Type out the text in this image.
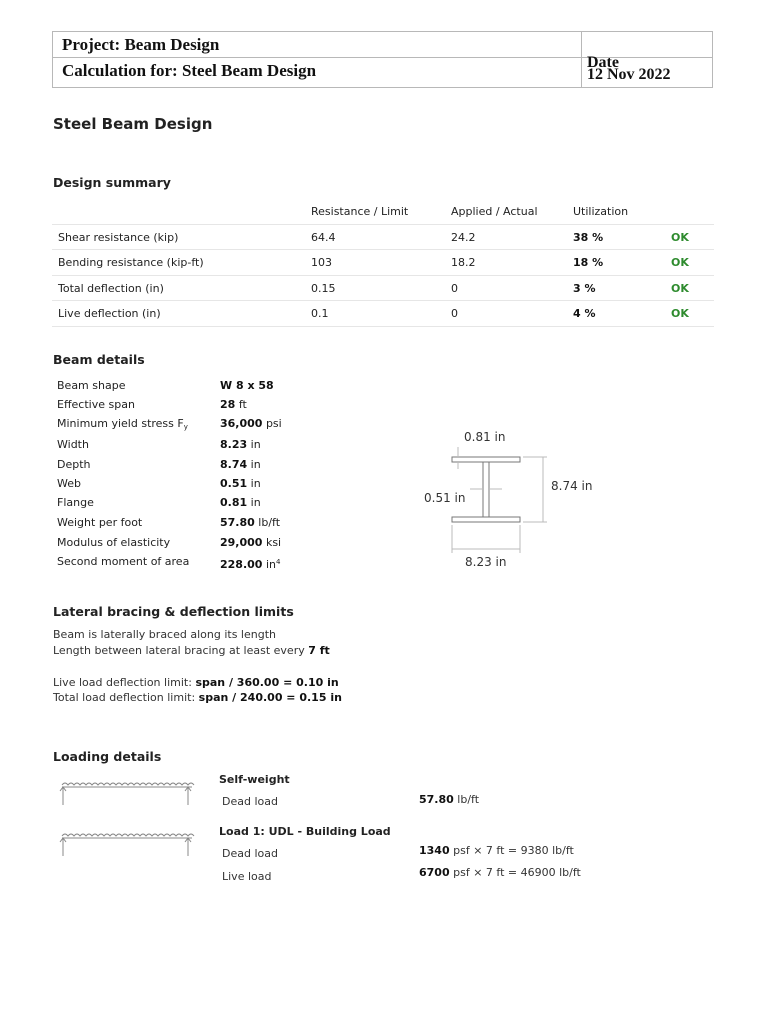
Project: Beam Design
Calculation for: Steel Beam Design	Date
12 Nov 2022
Steel Beam Design
Design summary
Resistance / Limit	Applied / Actual	Utilization
Shear resistance (kip)	64.4	24.2	38 %	OK
Bending resistance (kip-ft)	103	18.2	18 %	OK
Total deflection (in)	0.15	0	3 %	OK
Live deflection (in)	0.1	0	4 %	OK
Beam details
Beam shape	W 8 x 58
Effective span	28 ft
Minimum yield stress Fy	36,000 psi
Width	8.23 in
Depth	8.74 in
Web	0.51 in
Flange	0.81 in
Weight per foot	57.80 lb/ft
Modulus of elasticity	29,000 ksi
Second moment of area	228.00 $in^4$
0.81 in
8.74 in
0.51 in
8.23 in
Lateral bracing & deflection limits
Beam is laterally braced along its length
Length between lateral bracing at least every 7 ft
Live load deflection limit: span / 360.00 = 0.10 in
Total load deflection limit: span / 240.00 = 0.15 in
Loading details
Self-weight
Dead load	57.80 lb/ft
Load 1: UDL - Building Load
Dead load	1340 psf × 7 ft = 9380 lb/ft
Live load	6700 psf × 7 ft = 46900 lb/ft
